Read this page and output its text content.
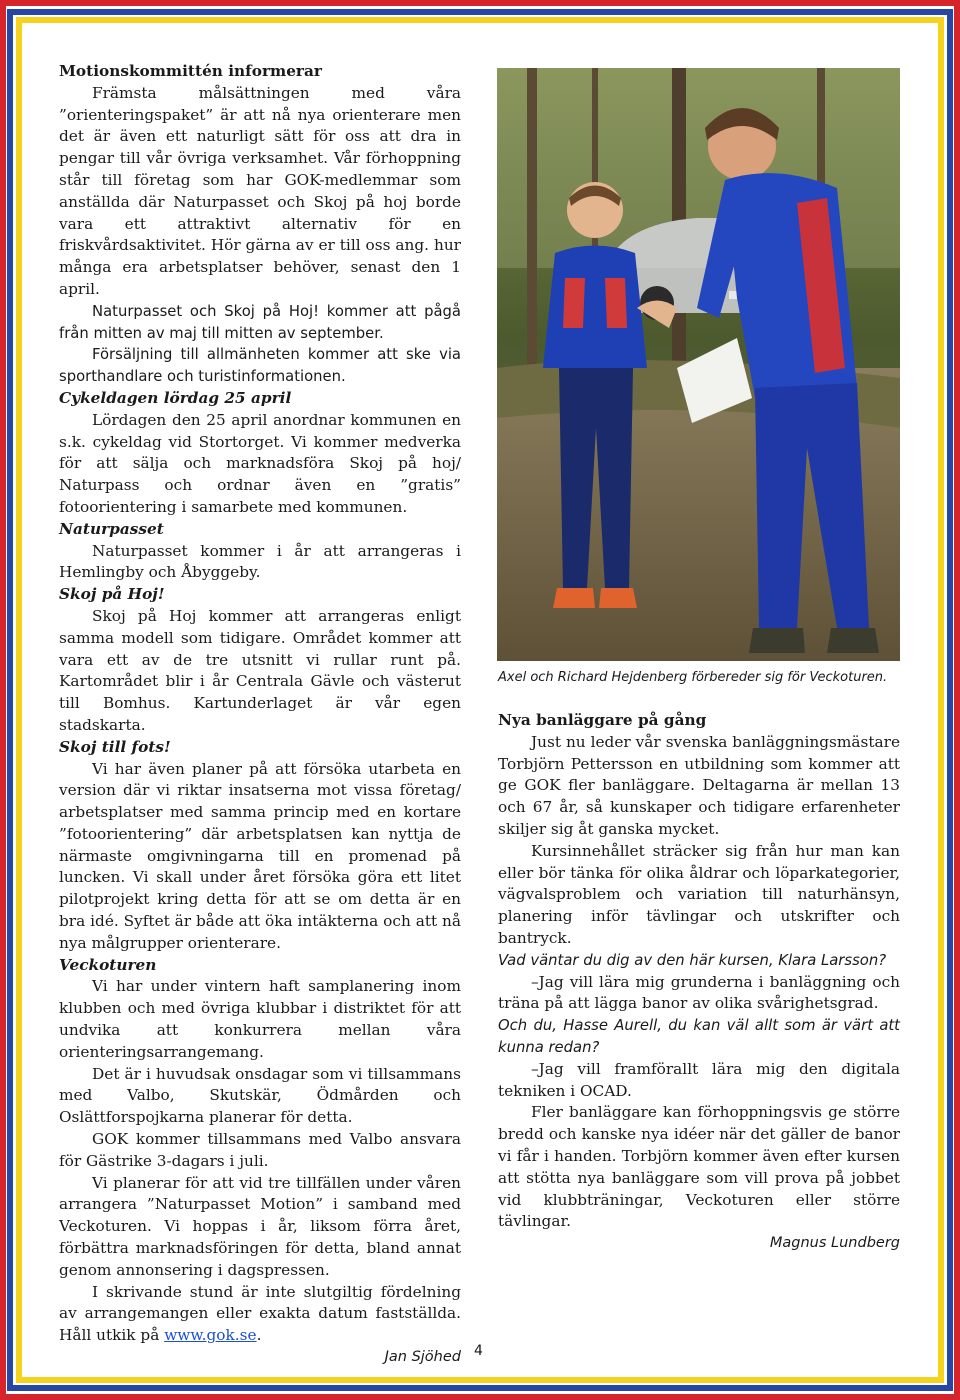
Motionskommittén informerar

Främsta målsättningen med våra ”orienteringspaket” är att nå nya orienterare men det är även ett naturligt sätt för oss att dra in pengar till vår övriga verksamhet. Vår förhoppning står till företag som har GOK-medlemmar som anställda där Naturpasset och Skoj på hoj borde vara ett attraktivt alternativ för en friskvårdsaktivitet. Hör gärna av er till oss ang. hur många era arbetsplatser behöver, senast den 1 april.

Naturpasset och Skoj på Hoj! kommer att pågå från mitten av maj till mitten av september.

Försäljning till allmänheten kommer att ske via sporthandlare och turistinformationen.

Cykeldagen lördag 25 april

Lördagen den 25 april anordnar kommunen en s.k. cykeldag vid Stortorget. Vi kommer medverka för att sälja och marknadsföra Skoj på hoj/ Naturpass och ordnar även en ”gratis” fotoorientering i samarbete med kommunen.

Naturpasset

Naturpasset kommer i år att arrangeras i Hemlingby och Åbyggeby.

Skoj på Hoj!

Skoj på Hoj kommer att arrangeras enligt samma modell som tidigare. Området kommer att vara ett av de tre utsnitt vi rullar runt på. Kartområdet blir i år Centrala Gävle och västerut till Bomhus. Kartunderlaget är vår egen stadskarta.

Skoj till fots!

Vi har även planer på att försöka utarbeta en version där vi riktar insatserna mot vissa företag/ arbetsplatser med samma princip med en kortare ”fotoorientering” där arbetsplatsen kan nyttja de närmaste omgivningarna till en promenad på luncken. Vi skall under året försöka göra ett litet pilotprojekt kring detta för att se om detta är en bra idé. Syftet är både att öka intäkterna och att nå nya målgrupper orienterare.

Veckoturen

Vi har under vintern haft samplanering inom klubben och med övriga klubbar i distriktet för att undvika att konkurrera mellan våra orienteringsarrangemang.

Det är i huvudsak onsdagar som vi tillsammans med Valbo, Skutskär, Ödmården och Oslättforspojkarna planerar för detta.

GOK kommer tillsammans med Valbo ansvara för Gästrike 3-dagars i juli.

Vi planerar för att vid tre tillfällen under våren arrangera ”Naturpasset Motion” i samband med Veckoturen. Vi hoppas i år, liksom förra året, förbättra marknadsföringen för detta, bland annat genom annonsering i dagspressen.

I skrivande stund är inte slutgiltig fördelning av arrangemangen eller exakta datum fastställda. Håll utkik på www.gok.se.

Jan Sjöhed

Axel och Richard Hejdenberg förbereder sig för Veckoturen.

Nya banläggare på gång

Just nu leder vår svenska banläggningsmästare Torbjörn Pettersson en utbildning som kommer att ge GOK fler banläggare. Deltagarna är mellan 13 och 67 år, så kunskaper och tidigare erfarenheter skiljer sig åt ganska mycket.

Kursinnehållet sträcker sig från hur man kan eller bör tänka för olika åldrar och löparkategorier, vägvalsproblem och variation till naturhänsyn, planering inför tävlingar och utskrifter och bantryck.

Vad väntar du dig av den här kursen, Klara Larsson?

–Jag vill lära mig grunderna i banläggning och träna på att lägga banor av olika svårighetsgrad.

Och du, Hasse Aurell, du kan väl allt som är värt att kunna redan?

–Jag vill framförallt lära mig den digitala tekniken i OCAD.

Fler banläggare kan förhoppningsvis ge större bredd och kanske nya idéer när det gäller de banor vi får i handen. Torbjörn kommer även efter kursen att stötta nya banläggare som vill prova på jobbet vid klubbträningar, Veckoturen eller större tävlingar.

Magnus Lundberg

4
